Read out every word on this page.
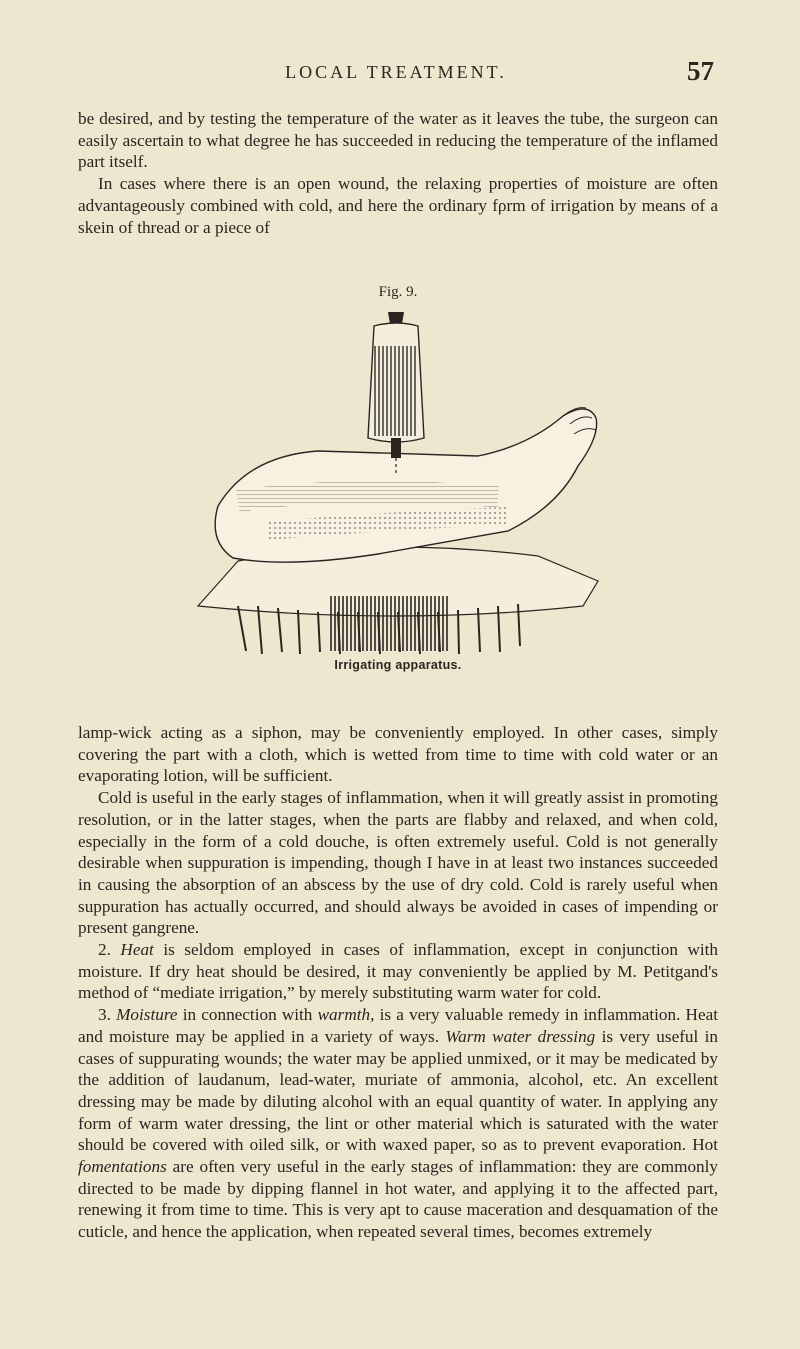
LOCAL TREATMENT.	57

be desired, and by testing the temperature of the water as it leaves the tube, the surgeon can easily ascertain to what degree he has succeeded in reducing the temperature of the inflamed part itself.

In cases where there is an open wound, the relaxing properties of moisture are often advantageously combined with cold, and here the ordinary fρrm of irrigation by means of a skein of thread or a piece of

Fig. 9.
Irrigating apparatus.

lamp-wick acting as a siphon, may be conveniently employed. In other cases, simply covering the part with a cloth, which is wetted from time to time with cold water or an evaporating lotion, will be sufficient.

Cold is useful in the early stages of inflammation, when it will greatly assist in promoting resolution, or in the latter stages, when the parts are flabby and relaxed, and when cold, especially in the form of a cold douche, is often extremely useful. Cold is not generally desirable when suppuration is impending, though I have in at least two instances succeeded in causing the absorption of an abscess by the use of dry cold. Cold is rarely useful when suppuration has actually occurred, and should always be avoided in cases of impending or present gangrene.

2. Heat is seldom employed in cases of inflammation, except in conjunction with moisture. If dry heat should be desired, it may conveniently be applied by M. Petitgand's method of “mediate irrigation,” by merely substituting warm water for cold.

3. Moisture in connection with warmth, is a very valuable remedy in inflammation. Heat and moisture may be applied in a variety of ways. Warm water dressing is very useful in cases of suppurating wounds; the water may be applied unmixed, or it may be medicated by the addition of laudanum, lead-water, muriate of ammonia, alcohol, etc. An excellent dressing may be made by diluting alcohol with an equal quantity of water. In applying any form of warm water dressing, the lint or other material which is saturated with the water should be covered with oiled silk, or with waxed paper, so as to prevent evaporation. Hot fomentations are often very useful in the early stages of inflammation: they are commonly directed to be made by dipping flannel in hot water, and applying it to the affected part, renewing it from time to time. This is very apt to cause maceration and desquamation of the cuticle, and hence the application, when repeated several times, becomes extremely
